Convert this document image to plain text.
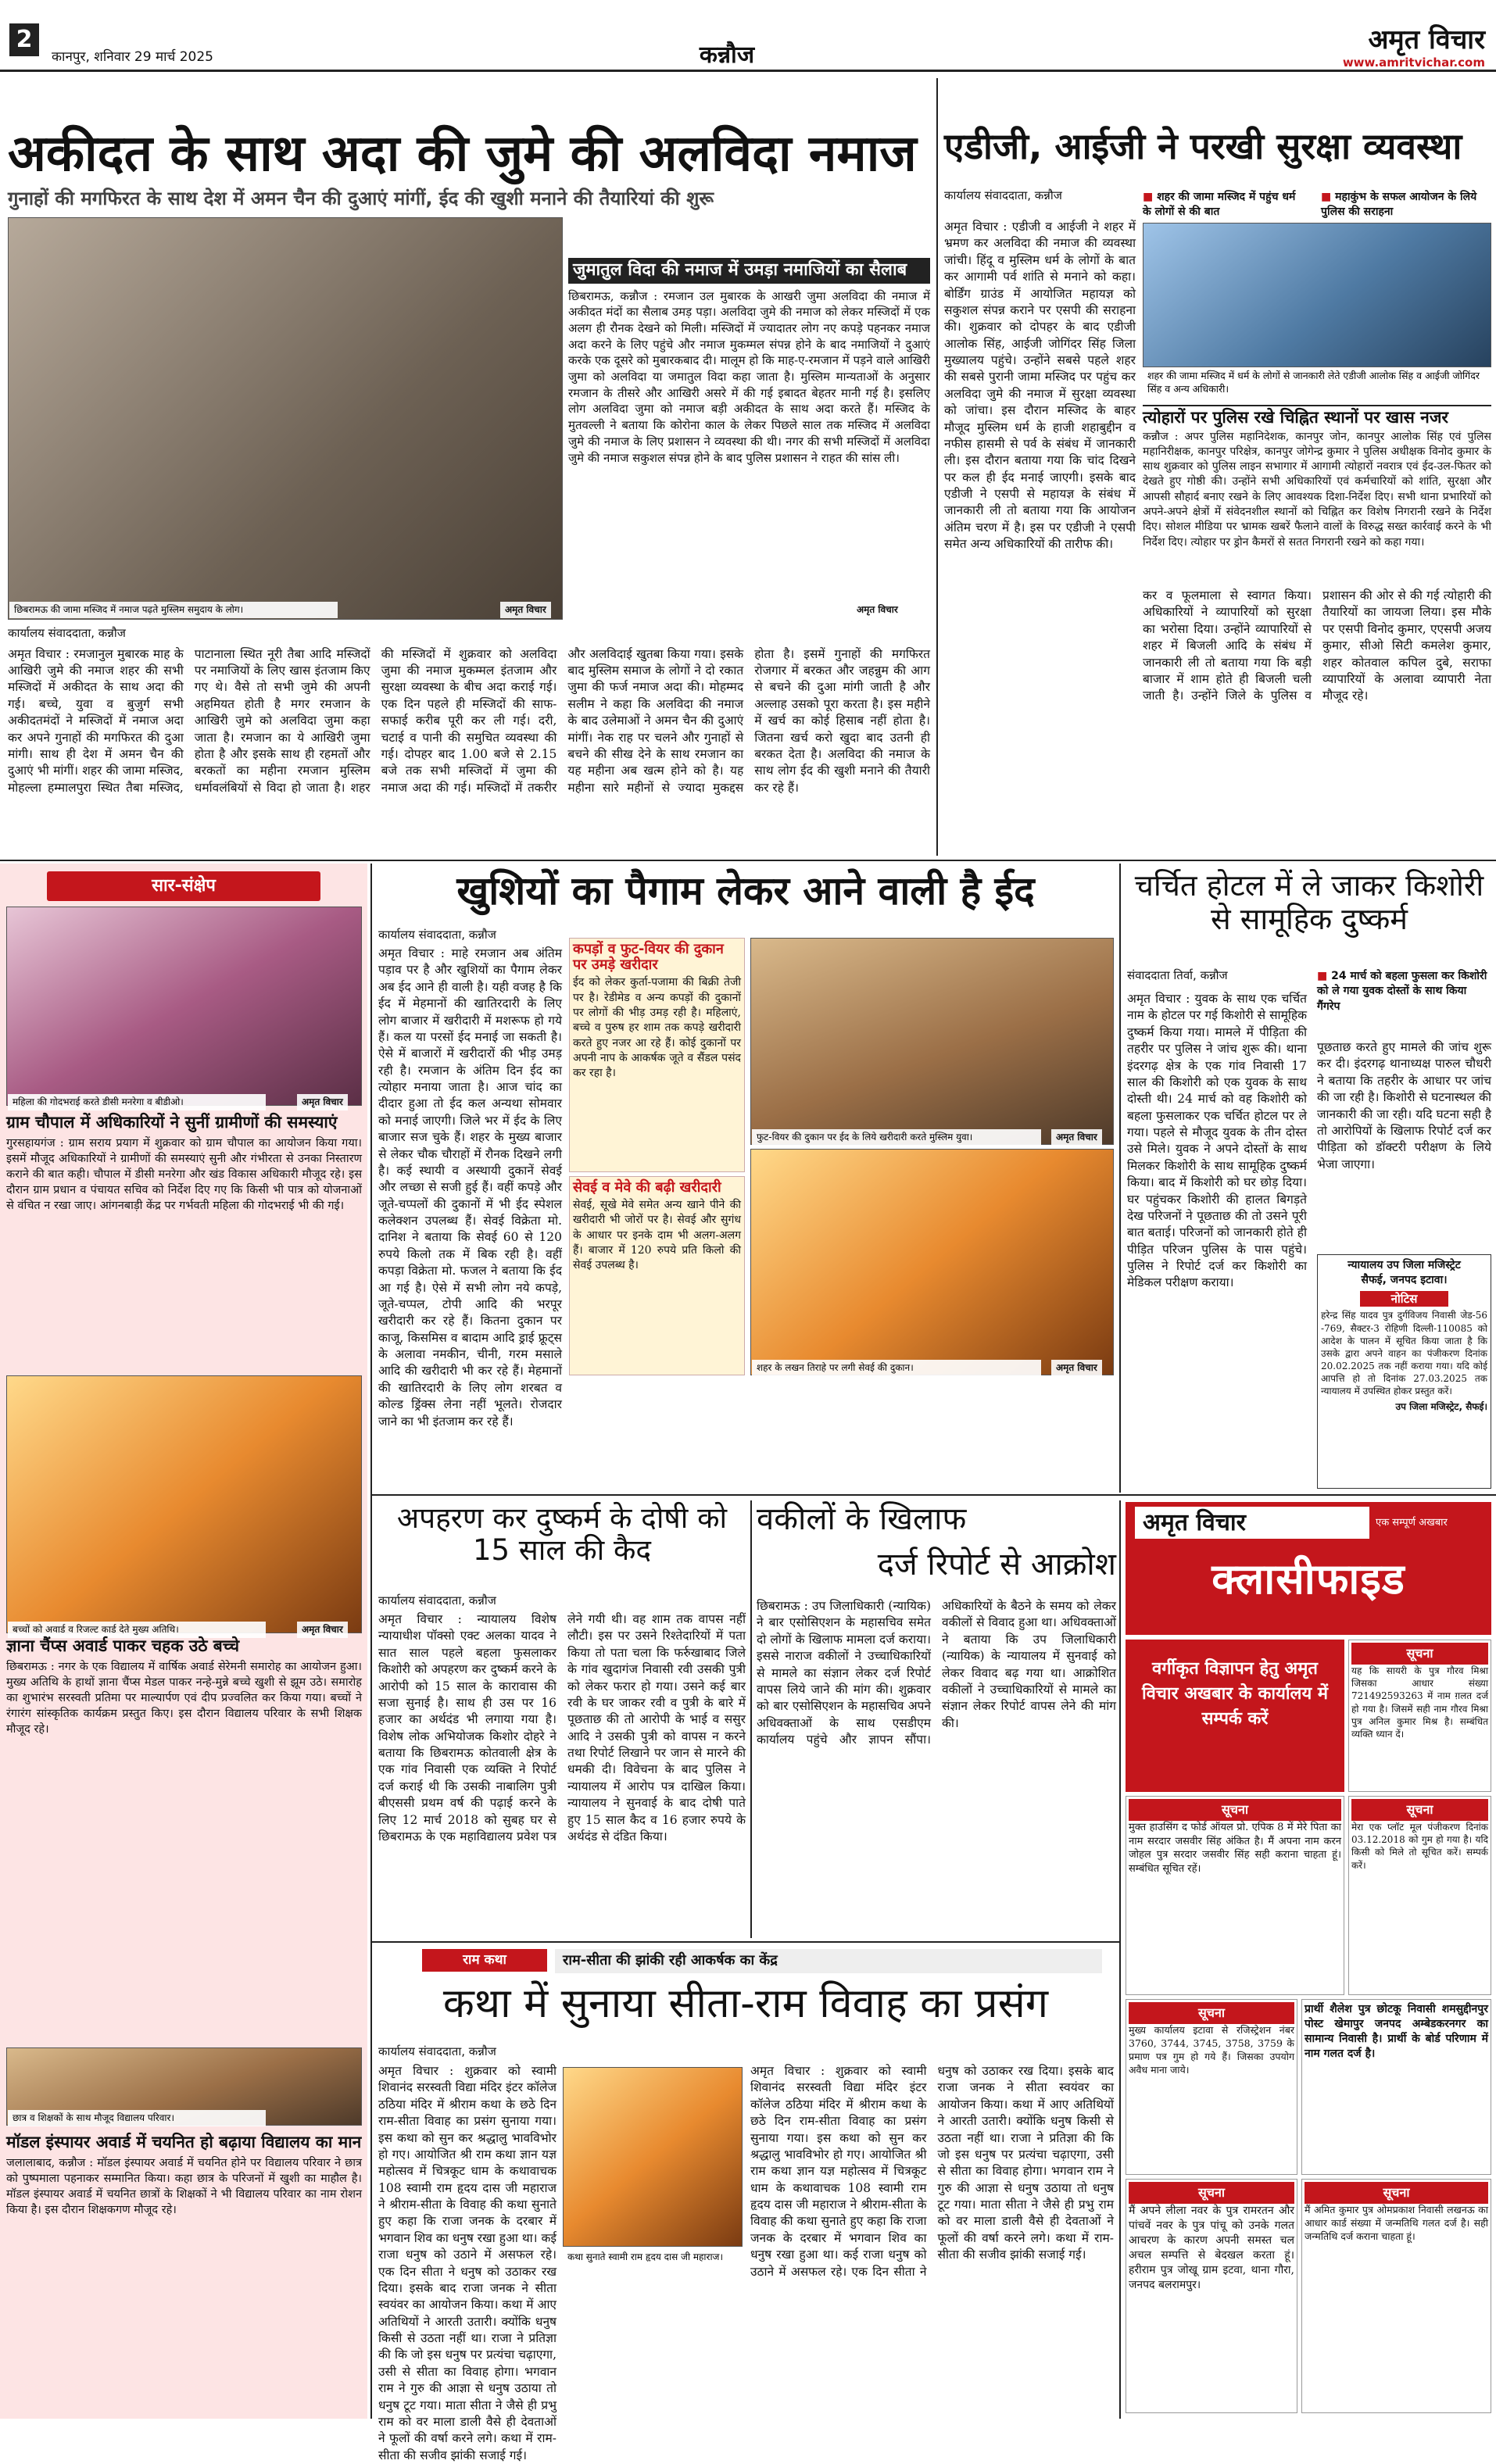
2
कानपुर, शनिवार 29 मार्च 2025	कन्नौज	अमृत विचार
www.amritvichar.com
अकीदत के साथ अदा की जुमे की अलविदा नमाज
गुनाहों की मगफिरत के साथ देश में अमन चैन की दुआएं मांगीं, ईद की खुशी मनाने की तैयारियां की शुरू
छिबरामऊ की जामा मस्जिद में नमाज पढ़ते मुस्लिम समुदाय के लोग।	अमृत विचार
जुमातुल विदा की नमाज में उमड़ा नमाजियों का सैलाब
छिबरामऊ, कन्नौज : रमजान उल मुबारक के आखरी जुमा अलविदा की नमाज में अकीदत मंदों का सैलाब उमड़ पड़ा। अलविदा जुमे की नमाज को लेकर मस्जिदों में एक अलग ही रौनक देखने को मिली। मस्जिदों में ज्यादातर लोग नए कपड़े पहनकर नमाज अदा करने के लिए पहुंचे और नमाज मुकम्मल संपन्न होने के बाद नमाजियों ने दुआएं करके एक दूसरे को मुबारकबाद दी। मालूम हो कि माह-ए-रमजान में पड़ने वाले आखिरी जुमा को अलविदा या जमातुल विदा कहा जाता है। मुस्लिम मान्यताओं के अनुसार रमजान के तीसरे और आखिरी असरे में की गई इबादत बेहतर मानी गई है। इसलिए लोग अलविदा जुमा को नमाज बड़ी अकीदत के साथ अदा करते हैं। मस्जिद के मुतवल्ली ने बताया कि कोरोना काल के लेकर पिछले साल तक मस्जिद में अलविदा जुमे की नमाज के लिए प्रशासन ने व्यवस्था की थी। नगर की सभी मस्जिदों में अलविदा जुमे की नमाज सकुशल संपन्न होने के बाद पुलिस प्रशासन ने राहत की सांस ली।
अमृत विचार
कार्यालय संवाददाता, कन्नौज
अमृत विचार : रमजानुल मुबारक माह के आखिरी जुमे की नमाज शहर की सभी मस्जिदों में अकीदत के साथ अदा की गई। बच्चे, युवा व बुजुर्ग सभी अकीदतमंदों ने मस्जिदों में नमाज अदा कर अपने गुनाहों की मगफिरत की दुआ मांगी। साथ ही देश में अमन चैन की दुआएं भी मांगीं। शहर की जामा मस्जिद, मोहल्ला हम्मालपुरा स्थित तैबा मस्जिद, पाटानाला स्थित नूरी तैबा आदि मस्जिदों पर नमाजियों के लिए खास इंतजाम किए गए थे। वैसे तो सभी जुमे की अपनी अहमियत होती है मगर रमजान के आखिरी जुमे को अलविदा जुमा कहा जाता है। रमजान का ये आखिरी जुमा होता है और इसके साथ ही रहमतों और बरकतों का महीना रमजान मुस्लिम धर्मावलंबियों से विदा हो जाता है। शहर की मस्जिदों में शुक्रवार को अलविदा जुमा की नमाज मुकम्मल इंतजाम और सुरक्षा व्यवस्था के बीच अदा कराई गई। एक दिन पहले ही मस्जिदों की साफ-सफाई करीब पूरी कर ली गई। दरी, चटाई व पानी की समुचित व्यवस्था की गई। दोपहर बाद 1.00 बजे से 2.15 बजे तक सभी मस्जिदों में जुमा की नमाज अदा की गई। मस्जिदों में तकरीर और अलविदाई खुतबा किया गया। इसके बाद मुस्लिम समाज के लोगों ने दो रकात जुमा की फर्ज नमाज अदा की। मोहम्मद सलीम ने कहा कि अलविदा की नमाज के बाद उलेमाओं ने अमन चैन की दुआएं मांगीं। नेक राह पर चलने और गुनाहों से बचने की सीख देने के साथ रमजान का यह महीना अब खत्म होने को है। यह महीना सारे महीनों से ज्यादा मुकद्दस होता है। इसमें गुनाहों की मगफिरत रोजगार में बरकत और जहन्नुम की आग से बचने की दुआ मांगी जाती है और अल्लाह उसको पूरा करता है। इस महीने में खर्च का कोई हिसाब नहीं होता है। जितना खर्च करो खुदा बाद उतनी ही बरकत देता है। अलविदा की नमाज के साथ लोग ईद की खुशी मनाने की तैयारी कर रहे हैं।
एडीजी, आईजी ने परखी सुरक्षा व्यवस्था
कार्यालय संवाददाता, कन्नौज	■ शहर की जामा मस्जिद में पहुंच धर्म के लोगों से की बात
■ महाकुंभ के सफल आयोजन के लिये पुलिस की सराहना
अमृत विचार : एडीजी व आईजी ने शहर में भ्रमण कर अलविदा की नमाज की व्यवस्था जांची। हिंदू व मुस्लिम धर्म के लोगों के बात कर आगामी पर्व शांति से मनाने को कहा। बोर्डिंग ग्राउंड में आयोजित महायज्ञ को सकुशल संपन्न कराने पर एसपी की सराहना की। शुक्रवार को दोपहर के बाद एडीजी आलोक सिंह, आईजी जोगिंदर सिंह जिला मुख्यालय पहुंचे। उन्होंने सबसे पहले शहर की सबसे पुरानी जामा मस्जिद पर पहुंच कर अलविदा जुमे की नमाज में सुरक्षा व्यवस्था को जांचा। इस दौरान मस्जिद के बाहर मौजूद मुस्लिम धर्म के हाजी शहाबुद्दीन व नफीस हासमी से पर्व के संबंध में जानकारी ली। इस दौरान बताया गया कि चांद दिखने पर कल ही ईद मनाई जाएगी। इसके बाद एडीजी ने एसपी से महायज्ञ के संबंध में जानकारी ली तो बताया गया कि आयोजन अंतिम चरण में है। इस पर एडीजी ने एसपी समेत अन्य अधिकारियों की तारीफ की।
शहर की जामा मस्जिद में धर्म के लोगों से जानकारी लेते एडीजी आलोक सिंह व आईजी जोगिंदर सिंह व अन्य अधिकारी।
त्योहारों पर पुलिस रखे चिह्नित स्थानों पर खास नजर
कन्नौज : अपर पुलिस महानिदेशक, कानपुर जोन, कानपुर आलोक सिंह एवं पुलिस महानिरीक्षक, कानपुर परिक्षेत्र, कानपुर जोगेन्द्र कुमार ने पुलिस अधीक्षक विनोद कुमार के साथ शुक्रवार को पुलिस लाइन सभागार में आगामी त्योहारों नवरात्र एवं ईद-उल-फितर को देखते हुए गोष्ठी की। उन्होंने सभी अधिकारियों एवं कर्मचारियों को शांति, सुरक्षा और आपसी सौहार्द बनाए रखने के लिए आवश्यक दिशा-निर्देश दिए। सभी थाना प्रभारियों को अपने-अपने क्षेत्रों में संवेदनशील स्थानों को चिह्नित कर विशेष निगरानी रखने के निर्देश दिए। सोशल मीडिया पर भ्रामक खबरें फैलाने वालों के विरुद्ध सख्त कार्रवाई करने के भी निर्देश दिए। त्योहार पर ड्रोन कैमरों से सतत निगरानी रखने को कहा गया।
कर व फूलमाला से स्वागत किया। अधिकारियों ने व्यापारियों को सुरक्षा का भरोसा दिया। उन्होंने व्यापारियों से शहर में बिजली आदि के संबंध में जानकारी ली तो बताया गया कि बड़ी बाजार में शाम होते ही बिजली चली जाती है। उन्होंने जिले के पुलिस व प्रशासन की ओर से की गई त्योहारी की तैयारियों का जायजा लिया। इस मौके पर एसपी विनोद कुमार, एएसपी अजय कुमार, सीओ सिटी कमलेश कुमार, शहर कोतवाल कपिल दुबे, सराफा व्यापारियों के अलावा व्यापारी नेता मौजूद रहे।
सार-संक्षेप
महिला की गोदभराई करते डीसी मनरेगा व बीडीओ।	अमृत विचार
ग्राम चौपाल में अधिकारियों ने सुनीं ग्रामीणों की समस्याएं
गुरसहायगंज : ग्राम सराय प्रयाग में शुक्रवार को ग्राम चौपाल का आयोजन किया गया। इसमें मौजूद अधिकारियों ने ग्रामीणों की समस्याएं सुनी और गंभीरता से उनका निस्तारण कराने की बात कही। चौपाल में डीसी मनरेगा और खंड विकास अधिकारी मौजूद रहे। इस दौरान ग्राम प्रधान व पंचायत सचिव को निर्देश दिए गए कि किसी भी पात्र को योजनाओं से वंचित न रखा जाए। आंगनबाड़ी केंद्र पर गर्भवती महिला की गोदभराई भी की गई।
बच्चों को अवार्ड व रिजल्ट कार्ड देते मुख्य अतिथि।	अमृत विचार
ज्ञाना चैंप्स अवार्ड पाकर चहक उठे बच्चे
छिबरामऊ : नगर के एक विद्यालय में वार्षिक अवार्ड सेरेमनी समारोह का आयोजन हुआ। मुख्य अतिथि के हाथों ज्ञाना चैंप्स मेडल पाकर नन्हे-मुन्ने बच्चे खुशी से झूम उठे। समारोह का शुभारंभ सरस्वती प्रतिमा पर माल्यार्पण एवं दीप प्रज्वलित कर किया गया। बच्चों ने रंगारंग सांस्कृतिक कार्यक्रम प्रस्तुत किए। इस दौरान विद्यालय परिवार के सभी शिक्षक मौजूद रहे।
छात्र व शिक्षकों के साथ मौजूद विद्यालय परिवार।
मॉडल इंस्पायर अवार्ड में चयनित हो बढ़ाया विद्यालय का मान
जलालाबाद, कन्नौज : मॉडल इंस्पायर अवार्ड में चयनित होने पर विद्यालय परिवार ने छात्र को पुष्पमाला पहनाकर सम्मानित किया। कहा छात्र के परिजनों में खुशी का माहौल है। मॉडल इंस्पायर अवार्ड में चयनित छात्रों के शिक्षकों ने भी विद्यालय परिवार का नाम रोशन किया है। इस दौरान शिक्षकगण मौजूद रहे।
खुशियों का पैगाम लेकर आने वाली है ईद
कार्यालय संवाददाता, कन्नौज
अमृत विचार : माहे रमजान अब अंतिम पड़ाव पर है और खुशियों का पैगाम लेकर अब ईद आने ही वाली है। यही वजह है कि ईद में मेहमानों की खातिरदारी के लिए लोग बाजार में खरीदारी में मशरूफ हो गये हैं। कल या परसों ईद मनाई जा सकती है। ऐसे में बाजारों में खरीदारों की भीड़ उमड़ रही है। रमजान के अंतिम दिन ईद का त्योहार मनाया जाता है। आज चांद का दीदार हुआ तो ईद कल अन्यथा सोमवार को मनाई जाएगी। जिले भर में ईद के लिए बाजार सज चुके हैं। शहर के मुख्य बाजार से लेकर चौक चौराहों में रौनक दिखने लगी है। कई स्थायी व अस्थायी दुकानें सेवई और लच्छा से सजी हुई हैं। वहीं कपड़े और जूते-चप्पलों की दुकानों में भी ईद स्पेशल कलेक्शन उपलब्ध हैं। सेवई विक्रेता मो. दानिश ने बताया कि सेवई 60 से 120 रुपये किलो तक में बिक रही है। वहीं कपड़ा विक्रेता मो. फजल ने बताया कि ईद आ गई है। ऐसे में सभी लोग नये कपड़े, जूते-चप्पल, टोपी आदि की भरपूर खरीदारी कर रहे हैं। कितना दुकान पर काजू, किसमिस व बादाम आदि ड्राई फ्रूट्स के अलावा नमकीन, चीनी, गरम मसाले आदि की खरीदारी भी कर रहे हैं। मेहमानों की खातिरदारी के लिए लोग शरबत व कोल्ड ड्रिंक्स लेना नहीं भूलते। रोजदार जाने का भी इंतजाम कर रहे हैं।
कपड़ों व फुट-वियर की दुकान पर उमड़े खरीदार
ईद को लेकर कुर्ता-पजामा की बिक्री तेजी पर है। रेडीमेड व अन्य कपड़ों की दुकानों पर लोगों की भीड़ उमड़ रही है। महिलाएं, बच्चे व पुरुष हर शाम तक कपड़े खरीदारी करते हुए नजर आ रहे हैं। कोई दुकानों पर अपनी नाप के आकर्षक जूते व सैंडल पसंद कर रहा है।
सेवई व मेवे की बढ़ी खरीदारी
सेवई, सूखे मेवे समेत अन्य खाने पीने की खरीदारी भी जोरों पर है। सेवई और सुगंध के आधार पर इनके दाम भी अलग-अलग हैं। बाजार में 120 रुपये प्रति किलो की सेवई उपलब्ध है।
फुट-वियर की दुकान पर ईद के लिये खरीदारी करते मुस्लिम युवा।	अमृत विचार
शहर के लखन तिराहे पर लगी सेवई की दुकान।	अमृत विचार
चर्चित होटल में ले जाकर किशोरी से सामूहिक दुष्कर्म
संवाददाता तिर्वा, कन्नौज	■ 24 मार्च को बहला फुसला कर किशोरी को ले गया युवक दोस्तों के साथ किया गैंगरेप
अमृत विचार : युवक के साथ एक चर्चित नाम के होटल पर गई किशोरी से सामूहिक दुष्कर्म किया गया। मामले में पीड़िता की तहरीर पर पुलिस ने जांच शुरू की। थाना इंदरगढ़ क्षेत्र के एक गांव निवासी 17 साल की किशोरी को एक युवक के साथ दोस्ती थी। 24 मार्च को वह किशोरी को बहला फुसलाकर एक चर्चित होटल पर ले गया। पहले से मौजूद युवक के तीन दोस्त उसे मिले। युवक ने अपने दोस्तों के साथ मिलकर किशोरी के साथ सामूहिक दुष्कर्म किया। बाद में किशोरी को घर छोड़ दिया। घर पहुंचकर किशोरी की हालत बिगड़ते देख परिजनों ने पूछताछ की तो उसने पूरी बात बताई। परिजनों को जानकारी होते ही पीड़ित परिजन पुलिस के पास पहुंचे। पुलिस ने रिपोर्ट दर्ज कर किशोरी का मेडिकल परीक्षण कराया।
पूछताछ करते हुए मामले की जांच शुरू कर दी। इंदरगढ़ थानाध्यक्ष पारुल चौधरी ने बताया कि तहरीर के आधार पर जांच की जा रही है। किशोरी से घटनास्थल की जानकारी की जा रही। यदि घटना सही है तो आरोपियों के खिलाफ रिपोर्ट दर्ज कर पीड़िता को डॉक्टरी परीक्षण के लिये भेजा जाएगा।
न्यायालय उप जिला मजिस्ट्रेट
सैफई, जनपद इटावा।
नोटिस
हरेन्द्र सिंह यादव पुत्र दुर्गविजय निवासी जेड-56 -769, सैक्टर-3 रोहिणी दिल्ली-110085 को आदेश के पालन में सूचित किया जाता है कि उसके द्वारा अपने वाहन का पंजीकरण दिनांक 20.02.2025 तक नहीं कराया गया। यदि कोई आपत्ति हो तो दिनांक 27.03.2025 तक न्यायालय में उपस्थित होकर प्रस्तुत करें।
उप जिला मजिस्ट्रेट, सैफई।
अपहरण कर दुष्कर्म के दोषी को 15 साल की कैद
कार्यालय संवाददाता, कन्नौज
अमृत विचार : न्यायालय विशेष न्यायाधीश पॉक्सो एक्ट अलका यादव ने सात साल पहले बहला फुसलाकर किशोरी को अपहरण कर दुष्कर्म करने के आरोपी को 15 साल के कारावास की सजा सुनाई है। साथ ही उस पर 16 हजार का अर्थदंड भी लगाया गया है। विशेष लोक अभियोजक किशोर दोहरे ने बताया कि छिबरामऊ कोतवाली क्षेत्र के एक गांव निवासी एक व्यक्ति ने रिपोर्ट दर्ज कराई थी कि उसकी नाबालिग पुत्री बीएससी प्रथम वर्ष की पढ़ाई करने के लिए 12 मार्च 2018 को सुबह घर से छिबरामऊ के एक महाविद्यालय प्रवेश पत्र लेने गयी थी। वह शाम तक वापस नहीं लौटी। इस पर उसने रिश्तेदारियों में पता किया तो पता चला कि फर्रुखाबाद जिले के गांव खुदागंज निवासी रवी उसकी पुत्री को लेकर फरार हो गया। उसने कई बार रवी के घर जाकर रवी व पुत्री के बारे में पूछताछ की तो आरोपी के भाई व ससुर आदि ने उसकी पुत्री को वापस न करने तथा रिपोर्ट लिखाने पर जान से मारने की धमकी दी। विवेचना के बाद पुलिस ने न्यायालय में आरोप पत्र दाखिल किया। न्यायालय ने सुनवाई के बाद दोषी पाते हुए 15 साल कैद व 16 हजार रुपये के अर्थदंड से दंडित किया।
वकीलों के खिलाफ
दर्ज रिपोर्ट से आक्रोश
छिबरामऊ : उप जिलाधिकारी (न्यायिक) ने बार एसोसिएशन के महासचिव समेत दो लोगों के खिलाफ मामला दर्ज कराया। इससे नाराज वकीलों ने उच्चाधिकारियों से मामले का संज्ञान लेकर दर्ज रिपोर्ट वापस लिये जाने की मांग की। शुक्रवार को बार एसोसिएशन के महासचिव अपने अधिवक्ताओं के साथ एसडीएम कार्यालय पहुंचे और ज्ञापन सौंपा। अधिकारियों के बैठने के समय को लेकर वकीलों से विवाद हुआ था। अधिवक्ताओं ने बताया कि उप जिलाधिकारी (न्यायिक) के न्यायालय में सुनवाई को लेकर विवाद बढ़ गया था। आक्रोशित वकीलों ने उच्चाधिकारियों से मामले का संज्ञान लेकर रिपोर्ट वापस लेने की मांग की।
अमृत विचार	एक सम्पूर्ण अखबार
क्लासीफाइड
वर्गीकृत विज्ञापन हेतु अमृत विचार अखबार के कार्यालय में सम्पर्क करें
सूचना
यह कि सायरी के पुत्र गौरव मिश्रा जिसका आधार संख्या 721492593263 में नाम ग़लत दर्ज हो गया है। जिसमें सही नाम गौरव मिश्रा पुत्र अनिल कुमार मिश्र है। सम्बंधित व्यक्ति ध्यान दें।
सूचना
मुक्त हाउसिंग द फोर्ड ऑयल प्रो. एपिक 8 में मेरे पिता का नाम सरदार जसवीर सिंह अंकित है। मैं अपना नाम करन जोहल पुत्र सरदार जसवीर सिंह सही कराना चाहता हूं। सम्बंधित सूचित रहें।
सूचना
मेरा एक प्लॉट मूल पंजीकरण दिनांक 03.12.2018 को गुम हो गया है। यदि किसी को मिले तो सूचित करें। सम्पर्क करें।
सूचना
मुख्य कार्यालय इटावा से रजिस्ट्रेशन नंबर 3760, 3744, 3745, 3758, 3759 के प्रमाण पत्र गुम हो गये हैं। जिसका उपयोग अवैध माना जाये।
प्रार्थी शैलेश पुत्र छोटकू निवासी शमसुद्दीनपुर पोस्ट खेमापुर जनपद अम्बेडकरनगर का सामान्य निवासी है। प्रार्थी के बोर्ड परिणाम में नाम गलत दर्ज है।
सूचना
मैं अपने लीला नवर के पुत्र रामरतन और पांचवें नवर के पुत्र पांचू को उनके गलत आचरण के कारण अपनी समस्त चल अचल सम्पत्ति से बेदखल करता हूं। हरीराम पुत्र जोखू ग्राम इटवा, थाना गौरा, जनपद बलरामपुर।
सूचना
मैं अमित कुमार पुत्र ओमप्रकाश निवासी लखनऊ का आधार कार्ड संख्या में जन्मतिथि गलत दर्ज है। सही जन्मतिथि दर्ज कराना चाहता हूं।
राम कथा	राम-सीता की झांकी रही आकर्षक का केंद्र
कथा में सुनाया सीता-राम विवाह का प्रसंग
कार्यालय संवाददाता, कन्नौज
कथा सुनाते स्वामी राम हृदय दास जी महाराज।
अमृत विचार : शुक्रवार को स्वामी शिवानंद सरस्वती विद्या मंदिर इंटर कॉलेज ठठिया मंदिर में श्रीराम कथा के छठे दिन राम-सीता विवाह का प्रसंग सुनाया गया। इस कथा को सुन कर श्रद्धालु भावविभोर हो गए। आयोजित श्री राम कथा ज्ञान यज्ञ महोत्सव में चित्रकूट धाम के कथावाचक 108 स्वामी राम हृदय दास जी महाराज ने श्रीराम-सीता के विवाह की कथा सुनाते हुए कहा कि राजा जनक के दरबार में भगवान शिव का धनुष रखा हुआ था। कई राजा धनुष को उठाने में असफल रहे। एक दिन सीता ने धनुष को उठाकर रख दिया। इसके बाद राजा जनक ने सीता स्वयंवर का आयोजन किया। कथा में आए अतिथियों ने आरती उतारी। क्योंकि धनुष किसी से उठता नहीं था। राजा ने प्रतिज्ञा की कि जो इस धनुष पर प्रत्यंचा चढ़ाएगा, उसी से सीता का विवाह होगा। भगवान राम ने गुरु की आज्ञा से धनुष उठाया तो धनुष टूट गया। माता सीता ने जैसे ही प्रभु राम को वर माला डाली वैसे ही देवताओं ने फूलों की वर्षा करने लगे। कथा में राम-सीता की सजीव झांकी सजाई गई।
अमृत विचार : शुक्रवार को स्वामी शिवानंद सरस्वती विद्या मंदिर इंटर कॉलेज ठठिया मंदिर में श्रीराम कथा के छठे दिन राम-सीता विवाह का प्रसंग सुनाया गया। इस कथा को सुन कर श्रद्धालु भावविभोर हो गए। आयोजित श्री राम कथा ज्ञान यज्ञ महोत्सव में चित्रकूट धाम के कथावाचक 108 स्वामी राम हृदय दास जी महाराज ने श्रीराम-सीता के विवाह की कथा सुनाते हुए कहा कि राजा जनक के दरबार में भगवान शिव का धनुष रखा हुआ था। कई राजा धनुष को उठाने में असफल रहे। एक दिन सीता ने धनुष को उठाकर रख दिया। इसके बाद राजा जनक ने सीता स्वयंवर का आयोजन किया। कथा में आए अतिथियों ने आरती उतारी। क्योंकि धनुष किसी से उठता नहीं था। राजा ने प्रतिज्ञा की कि जो इस धनुष पर प्रत्यंचा चढ़ाएगा, उसी से सीता का विवाह होगा। भगवान राम ने गुरु की आज्ञा से धनुष उठाया तो धनुष टूट गया। माता सीता ने जैसे ही प्रभु राम को वर माला डाली वैसे ही देवताओं ने फूलों की वर्षा करने लगे। कथा में राम-सीता की सजीव झांकी सजाई गई।
